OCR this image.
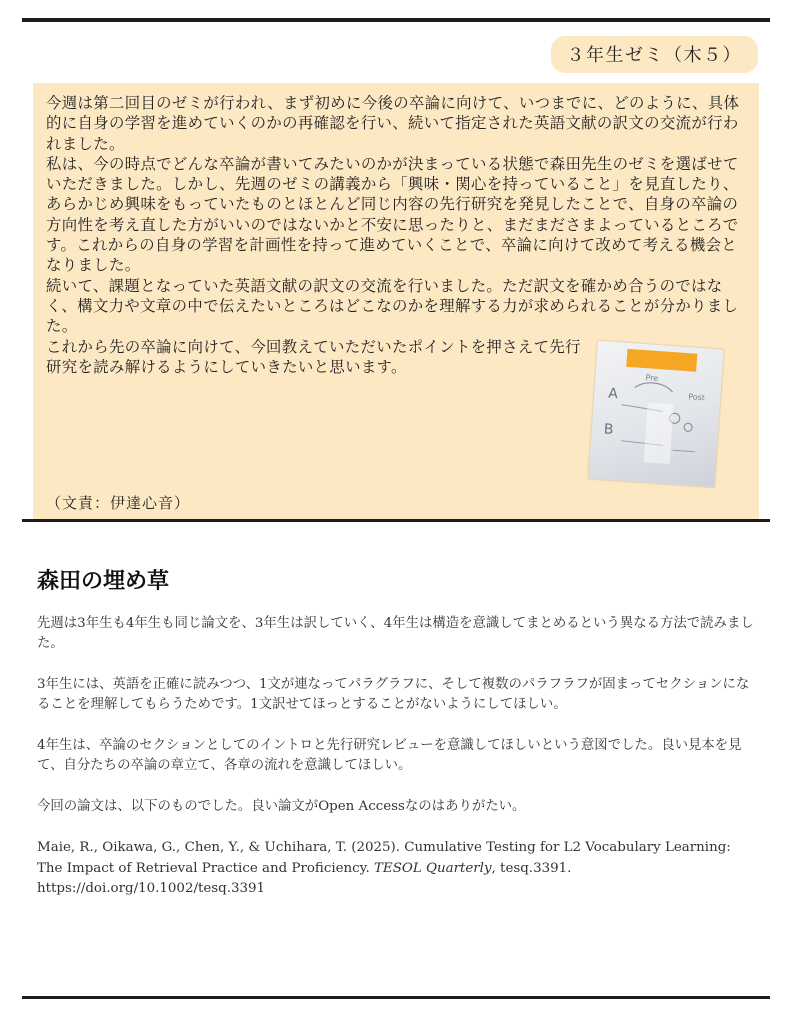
３年生ゼミ（木５）

今週は第二回目のゼミが行われ、まず初めに今後の卒論に向けて、いつまでに、どのように、具体的に自身の学習を進めていくのかの再確認を行い、続いて指定された英語文献の訳文の交流が行われました。

私は、今の時点でどんな卒論が書いてみたいのかが決まっている状態で森田先生のゼミを選ばせていただきました。しかし、先週のゼミの講義から「興味・関心を持っていること」を見直したり、あらかじめ興味をもっていたものとほとんど同じ内容の先行研究を発見したことで、自身の卒論の方向性を考え直した方がいいのではないかと不安に思ったりと、まだまださまよっているところです。これからの自身の学習を計画性を持って進めていくことで、卒論に向けて改めて考える機会となりました。

続いて、課題となっていた英語文献の訳文の交流を行いました。ただ訳文を確かめ合うのではなく、構文力や文章の中で伝えたいところはどこなのかを理解する力が求められることが分かりました。

これから先の卒論に向けて、今回教えていただいたポイントを押さえて先行研究を読み解けるようにしていきたいと思います。

A
B
Pre
Post
（文責：伊達心音）
森田の埋め草

先週は3年生も4年生も同じ論文を、3年生は訳していく、4年生は構造を意識してまとめるという異なる方法で読みました。

3年生には、英語を正確に読みつつ、1文が連なってパラグラフに、そして複数のパラフラフが固まってセクションになることを理解してもらうためです。1文訳せてほっとすることがないようにしてほしい。

4年生は、卒論のセクションとしてのイントロと先行研究レビューを意識してほしいという意図でした。良い見本を見て、自分たちの卒論の章立て、各章の流れを意識してほしい。

今回の論文は、以下のものでした。良い論文がOpen Accessなのはありがたい。

Maie, R., Oikawa, G., Chen, Y., & Uchihara, T. (2025). Cumulative Testing for L2 Vocabulary Learning: The Impact of Retrieval Practice and Proficiency. TESOL Quarterly, tesq.3391. https://doi.org/10.1002/tesq.3391
